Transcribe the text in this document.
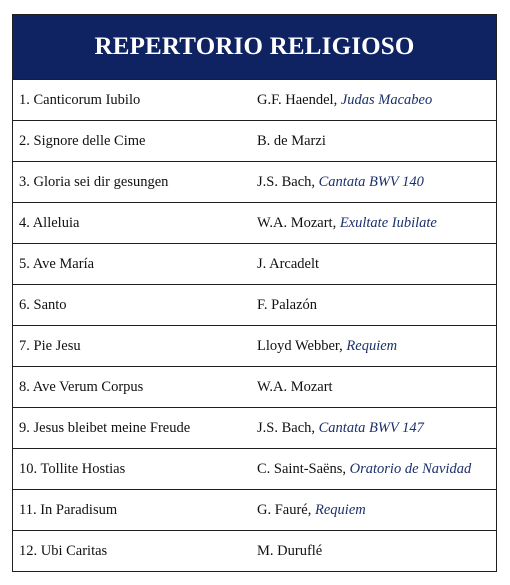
REPERTORIO RELIGIOSO
1. Canticorum Iubilo	G.F. Haendel, Judas Macabeo
2. Signore delle Cime	B. de Marzi
3. Gloria sei dir gesungen	J.S. Bach, Cantata BWV 140
4. Alleluia	W.A. Mozart, Exultate Iubilate
5. Ave María	J. Arcadelt
6. Santo	F. Palazón
7. Pie Jesu	Lloyd Webber, Requiem
8. Ave Verum Corpus	W.A. Mozart
9. Jesus bleibet meine Freude	J.S. Bach, Cantata BWV 147
10. Tollite Hostias	C. Saint-Saëns, Oratorio de Navidad
11. In Paradisum	G. Fauré, Requiem
12. Ubi Caritas	M. Duruflé
